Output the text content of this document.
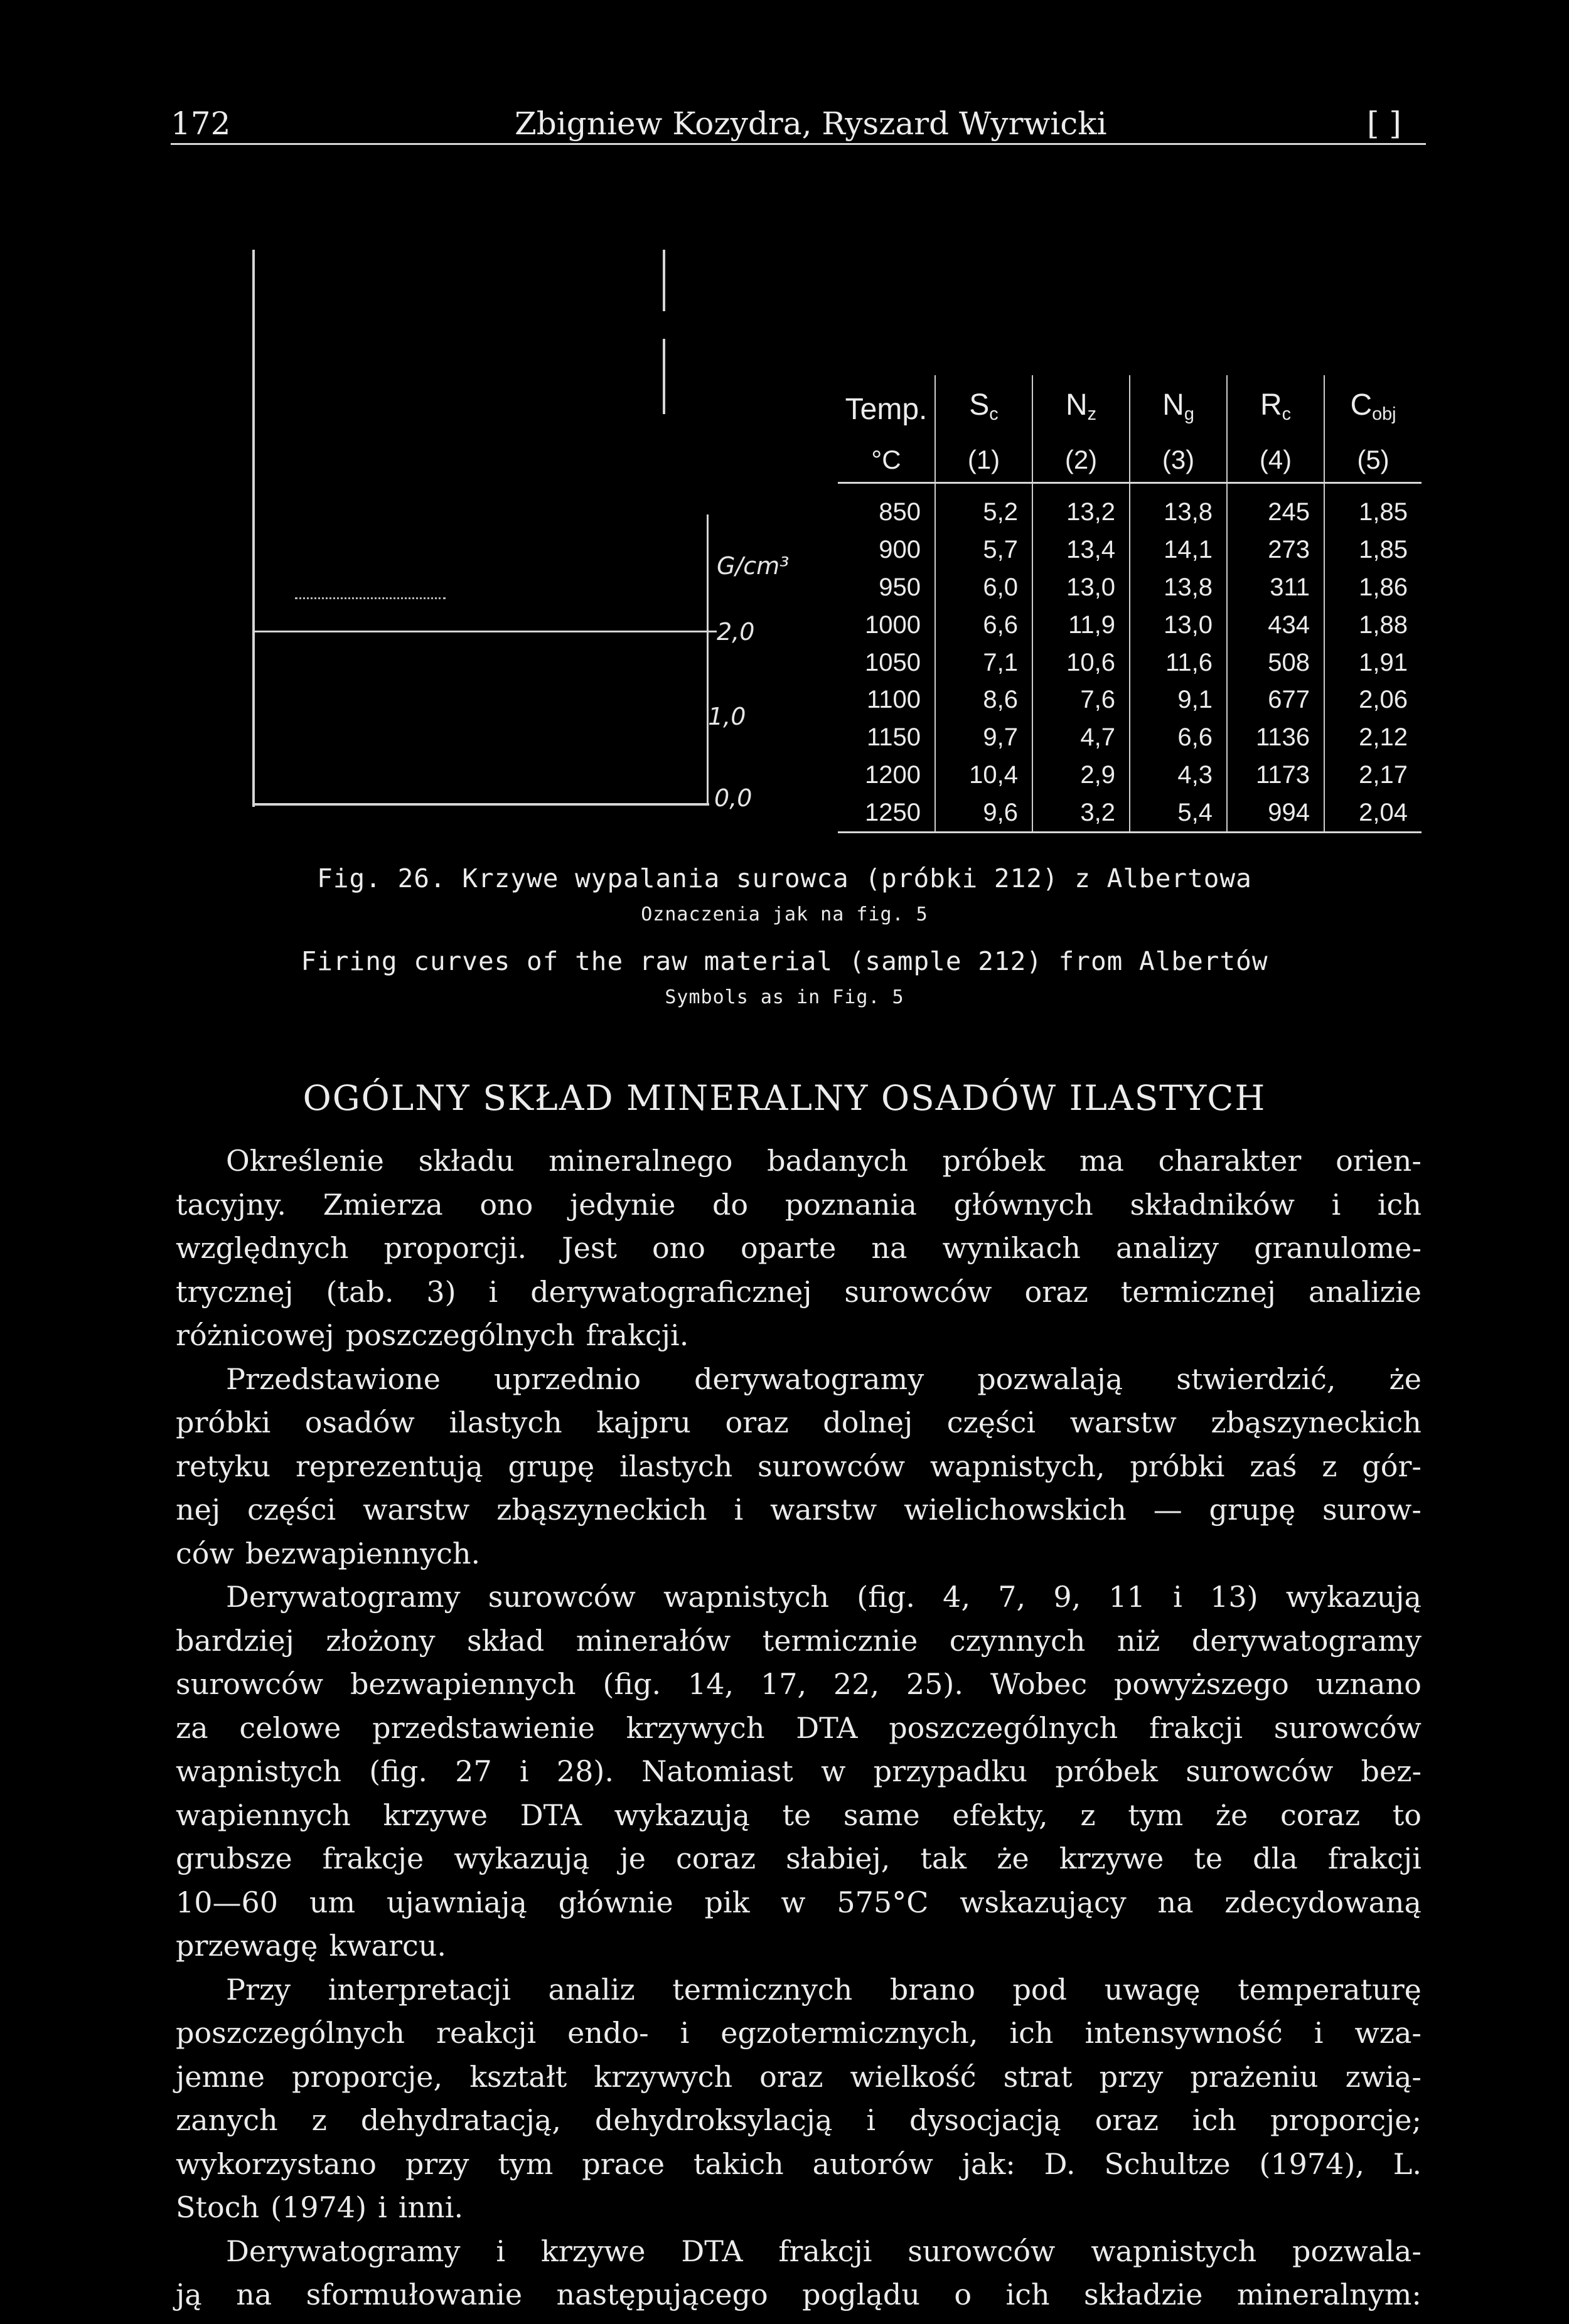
172	Zbigniew Kozydra, Ryszard Wyrwicki	[ ]
G/cm³
2,0
1,0
0,0
Temp.	$S_c$	$N_z$	$N_g$	$R_c$	$C_{obj}$
°C	(1)	(2)	(3)	(4)	(5)
850	5,2	13,2	13,8	245	1,85
900	5,7	13,4	14,1	273	1,85
950	6,0	13,0	13,8	311	1,86
1000	6,6	11,9	13,0	434	1,88
1050	7,1	10,6	11,6	508	1,91
1100	8,6	7,6	9,1	677	2,06
1150	9,7	4,7	6,6	1136	2,12
1200	10,4	2,9	4,3	1173	2,17
1250	9,6	3,2	5,4	994	2,04

Fig. 26. Krzywe wypalania surowca (próbki 212) z Albertowa
Oznaczenia jak na fig. 5
Firing curves of the raw material (sample 212) from Albertów
Symbols as in Fig. 5
OGÓLNY SKŁAD MINERALNY OSADÓW ILASTYCH
Określenie składu mineralnego badanych próbek ma charakter orien-
tacyjny. Zmierza ono jedynie do poznania głównych składników i ich
względnych proporcji. Jest ono oparte na wynikach analizy granulome-
trycznej (tab. 3) i derywatograficznej surowców oraz termicznej analizie
różnicowej poszczególnych frakcji.
Przedstawione uprzednio derywatogramy pozwalają stwierdzić, że
próbki osadów ilastych kajpru oraz dolnej części warstw zbąszyneckich
retyku reprezentują grupę ilastych surowców wapnistych, próbki zaś z gór-
nej części warstw zbąszyneckich i warstw wielichowskich — grupę surow-
ców bezwapiennych.
Derywatogramy surowców wapnistych (fig. 4, 7, 9, 11 i 13) wykazują
bardziej złożony skład minerałów termicznie czynnych niż derywatogramy
surowców bezwapiennych (fig. 14, 17, 22, 25). Wobec powyższego uznano
za celowe przedstawienie krzywych DTA poszczególnych frakcji surowców
wapnistych (fig. 27 i 28). Natomiast w przypadku próbek surowców bez-
wapiennych krzywe DTA wykazują te same efekty, z tym że coraz to
grubsze frakcje wykazują je coraz słabiej, tak że krzywe te dla frakcji
10—60 um ujawniają głównie pik w 575°C wskazujący na zdecydowaną
przewagę kwarcu.
Przy interpretacji analiz termicznych brano pod uwagę temperaturę
poszczególnych reakcji endo- i egzotermicznych, ich intensywność i wza-
jemne proporcje, kształt krzywych oraz wielkość strat przy prażeniu zwią-
zanych z dehydratacją, dehydroksylacją i dysocjacją oraz ich proporcje;
wykorzystano przy tym prace takich autorów jak: D. Schultze (1974), L.
Stoch (1974) i inni.
Derywatogramy i krzywe DTA frakcji surowców wapnistych pozwala-
ją na sformułowanie następującego poglądu o ich składzie mineralnym:
